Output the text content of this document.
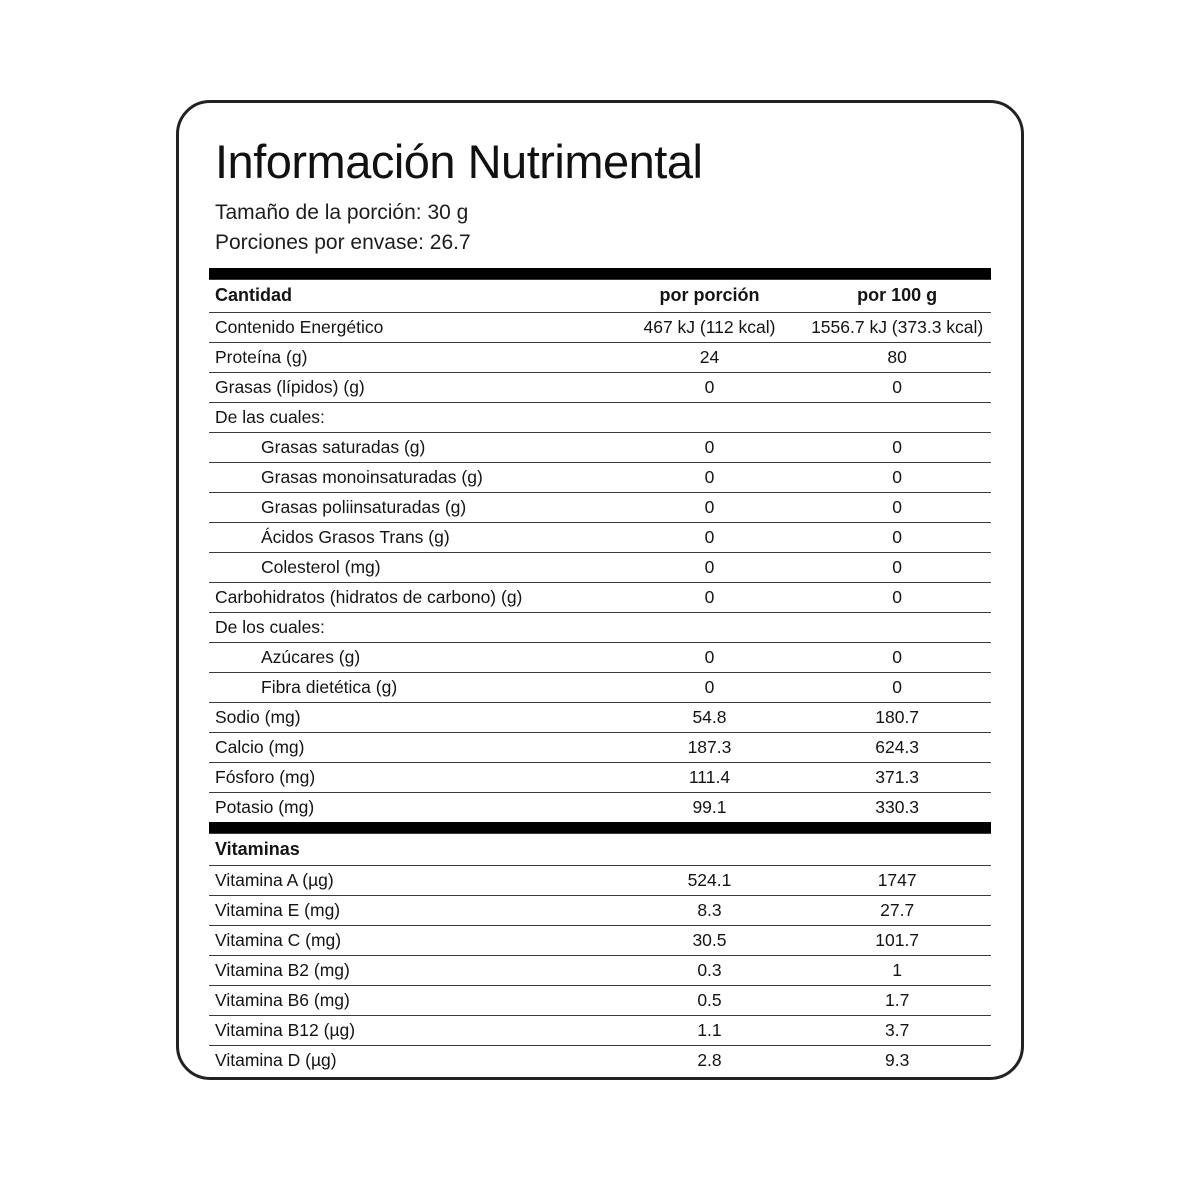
Información Nutrimental
Tamaño de la porción: 30 g
Porciones por envase: 26.7

Cantidad	por porción	por 100 g
Contenido Energético	467 kJ (112 kcal)	1556.7 kJ (373.3 kcal)
Proteína (g)	24	80
Grasas (lípidos) (g)	0	0
De las cuales:		
Grasas saturadas (g)	0	0
Grasas monoinsaturadas (g)	0	0
Grasas poliinsaturadas (g)	0	0
Ácidos Grasos Trans (g)	0	0
Colesterol (mg)	0	0
Carbohidratos (hidratos de carbono) (g)	0	0
De los cuales:		
Azúcares (g)	0	0
Fibra dietética (g)	0	0
Sodio (mg)	54.8	180.7
Calcio (mg)	187.3	624.3
Fósforo (mg)	111.4	371.3
Potasio (mg)	99.1	330.3

Vitaminas		
Vitamina A (µg)	524.1	1747
Vitamina E (mg)	8.3	27.7
Vitamina C (mg)	30.5	101.7
Vitamina B2 (mg)	0.3	1
Vitamina B6 (mg)	0.5	1.7
Vitamina B12 (µg)	1.1	3.7
Vitamina D (µg)	2.8	9.3
